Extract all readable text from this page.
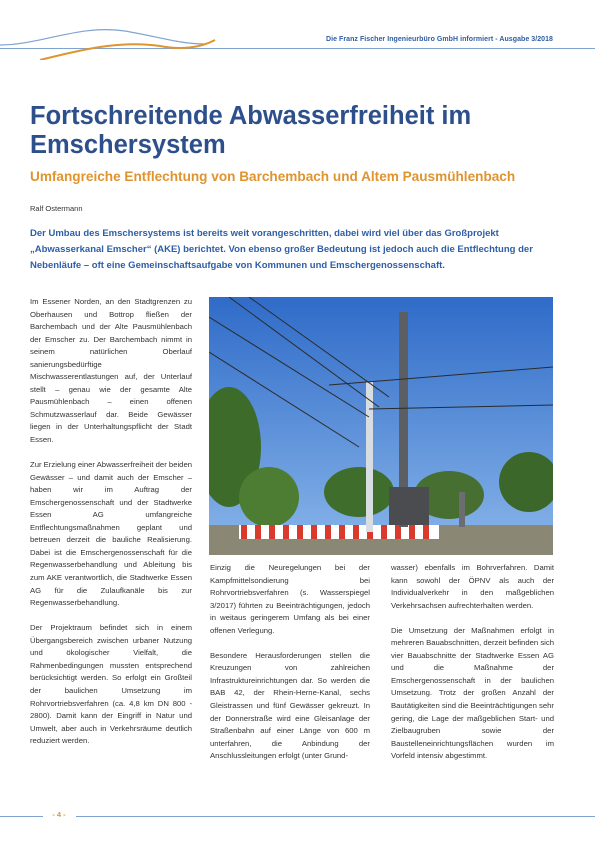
Die Franz Fischer Ingenieurbüro GmbH informiert - Ausgabe 3/2018
Fortschreitende Abwasserfreiheit im Emschersystem
Umfangreiche Entflechtung von Barchembach und Altem Pausmühlenbach
Ralf Ostermann

Der Umbau des Emschersystems ist bereits weit vorangeschritten, dabei wird viel über das Großprojekt „Abwasserkanal Emscher“ (AKE) berichtet. Von ebenso großer Bedeutung ist jedoch auch die Entflechtung der Nebenläufe – oft eine Gemeinschaftsaufgabe von Kommunen und Emschergenossenschaft.

Im Essener Norden, an den Stadtgrenzen zu Oberhausen und Bottrop fließen der Barchembach und der Alte Pausmühlenbach der Emscher zu. Der Barchembach nimmt in seinem natürlichen Oberlauf sanierungsbedürftige Mischwasserentlastungen auf, der Unterlauf stellt – genau wie der gesamte Alte Pausmühlenbach – einen offenen Schmutzwasserlauf dar. Beide Gewässer liegen in der Unterhaltungspflicht der Stadt Essen.

Zur Erzielung einer Abwasserfreiheit der beiden Gewässer – und damit auch der Emscher – haben wir im Auftrag der Emschergenossenschaft und der Stadtwerke Essen AG umfangreiche Entflechtungsmaßnahmen geplant und betreuen derzeit die bauliche Realisierung. Dabei ist die Emschergenossenschaft für die Regenwasserbehandlung und Ableitung bis zum AKE verantwortlich, die Stadtwerke Essen AG für die Zulaufkanäle bis zur Regenwasserbehandlung.

Der Projektraum befindet sich in einem Übergangsbereich zwischen urbaner Nutzung und ökologischer Vielfalt, die Rahmenbedingungen mussten entsprechend berücksichtigt werden. So erfolgt ein Großteil der baulichen Umsetzung im Rohrvortriebsverfahren (ca. 4,8 km DN 800 - 2800). Damit kann der Eingriff in Natur und Umwelt, aber auch in Verkehrsräume deutlich reduziert werden.

Einzig die Neuregelungen bei der Kampfmittelsondierung bei Rohrvortriebsverfahren (s. Wasserspiegel 3/2017) führten zu Beeinträchtigungen, jedoch in weitaus geringerem Umfang als bei einer offenen Verlegung.

Besondere Herausforderungen stellen die Kreuzungen von zahlreichen Infrastruktureinrichtungen dar. So werden die BAB 42, der Rhein-Herne-Kanal, sechs Gleistrassen und fünf Gewässer gekreuzt. In der Donnerstraße wird eine Gleisanlage der Straßenbahn auf einer Länge von 600 m unterfahren, die Anbindung der Anschlussleitungen erfolgt (unter Grund-

wasser) ebenfalls im Bohrverfahren. Damit kann sowohl der ÖPNV als auch der Individualverkehr in den maßgeblichen Verkehrsachsen aufrechterhalten werden.

Die Umsetzung der Maßnahmen erfolgt in mehreren Bauabschnitten, derzeit befinden sich vier Bauabschnitte der Stadtwerke Essen AG und die Maßnahme der Emschergenossenschaft in der baulichen Umsetzung. Trotz der großen Anzahl der Bautätigkeiten sind die Beeinträchtigungen sehr gering, die Lage der maßgeblichen Start- und Zielbaugruben sowie der Baustelleneinrichtungsflächen wurden im Vorfeld intensiv abgestimmt.

- 4 -
